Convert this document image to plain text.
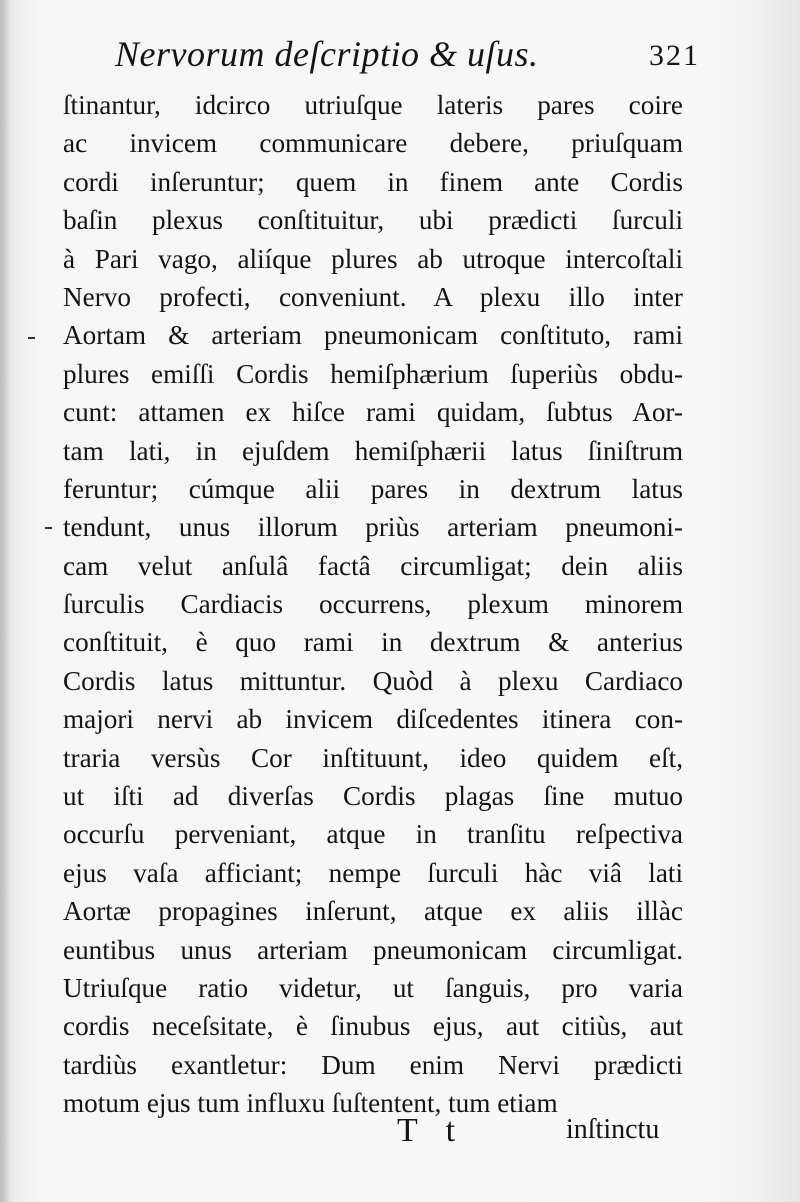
Nervorum deſcriptio & uſus.	321
ſtinantur, idcirco utriuſque lateris pares coire
ac invicem communicare debere, priuſquam
cordi inſeruntur; quem in finem ante Cordis
baſin plexus conſtituitur, ubi prædicti ſurculi
à Pari vago, aliíque plures ab utroque intercoſtali
Nervo profecti, conveniunt. A plexu illo inter
Aortam & arteriam pneumonicam conſtituto, rami
plures emiſſi Cordis hemiſphærium ſuperiùs obdu-
cunt: attamen ex hiſce rami quidam, ſubtus Aor-
tam lati, in ejuſdem hemiſphærii latus ſiniſtrum
feruntur; cúmque alii pares in dextrum latus
tendunt, unus illorum priùs arteriam pneumoni-
cam velut anſulâ factâ circumligat; dein aliis
ſurculis Cardiacis occurrens, plexum minorem
conſtituit, è quo rami in dextrum & anterius
Cordis latus mittuntur. Quòd à plexu Cardiaco
majori nervi ab invicem diſcedentes itinera con-
traria versùs Cor inſtituunt, ideo quidem eſt,
ut iſti ad diverſas Cordis plagas ſine mutuo
occurſu perveniant, atque in tranſitu reſpectiva
ejus vaſa afficiant; nempe ſurculi hàc viâ lati
Aortæ propagines inſerunt, atque ex aliis illàc
euntibus unus arteriam pneumonicam circumligat.
Utriuſque ratio videtur, ut ſanguis, pro varia
cordis neceſsitate, è ſinubus ejus, aut citiùs, aut
tardiùs exantletur: Dum enim Nervi prædicti
motum ejus tum influxu ſuſtentent, tum etiam
T t	inſtinctu
